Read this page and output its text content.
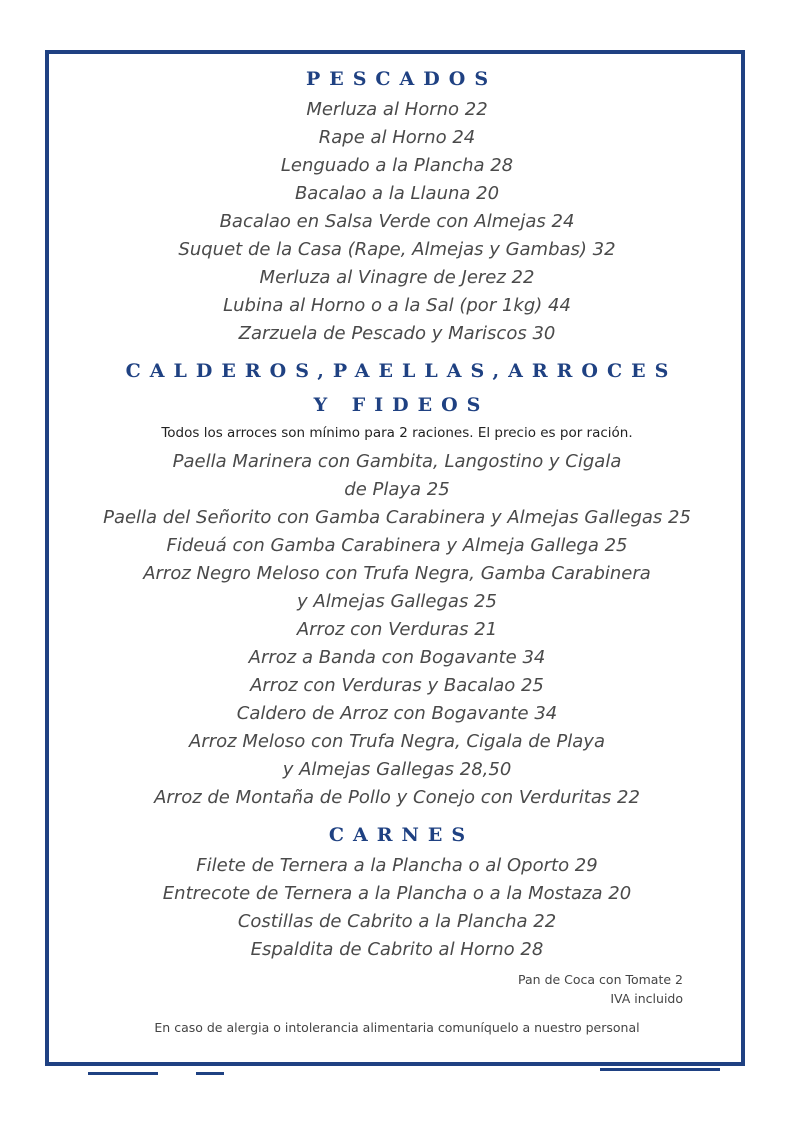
PESCADOS
Merluza al Horno 22
Rape al Horno 24
Lenguado a la Plancha 28
Bacalao a la Llauna 20
Bacalao en Salsa Verde con Almejas 24
Suquet de la Casa (Rape, Almejas y Gambas) 32
Merluza al Vinagre de Jerez 22
Lubina al Horno o a la Sal (por 1kg) 44
Zarzuela de Pescado y Mariscos 30
CALDEROS,PAELLAS,ARROCES
Y FIDEOS
Todos los arroces son mínimo para 2 raciones. El precio es por ración.
Paella Marinera con Gambita, Langostino y Cigala
de Playa 25
Paella del Señorito con Gamba Carabinera y Almejas Gallegas 25
Fideuá con Gamba Carabinera y Almeja Gallega 25
Arroz Negro Meloso con Trufa Negra, Gamba Carabinera
y Almejas Gallegas 25
Arroz con Verduras 21
Arroz a Banda con Bogavante 34
Arroz con Verduras y Bacalao 25
Caldero de Arroz con Bogavante 34
Arroz Meloso con Trufa Negra, Cigala de Playa
y Almejas Gallegas 28,50
Arroz de Montaña de Pollo y Conejo con Verduritas 22
CARNES
Filete de Ternera a la Plancha o al Oporto 29
Entrecote de Ternera a la Plancha o a la Mostaza 20
Costillas de Cabrito a la Plancha 22
Espaldita de Cabrito al Horno 28
Pan de Coca con Tomate 2
IVA incluido
En caso de alergia o intolerancia alimentaria comuníquelo a nuestro personal
